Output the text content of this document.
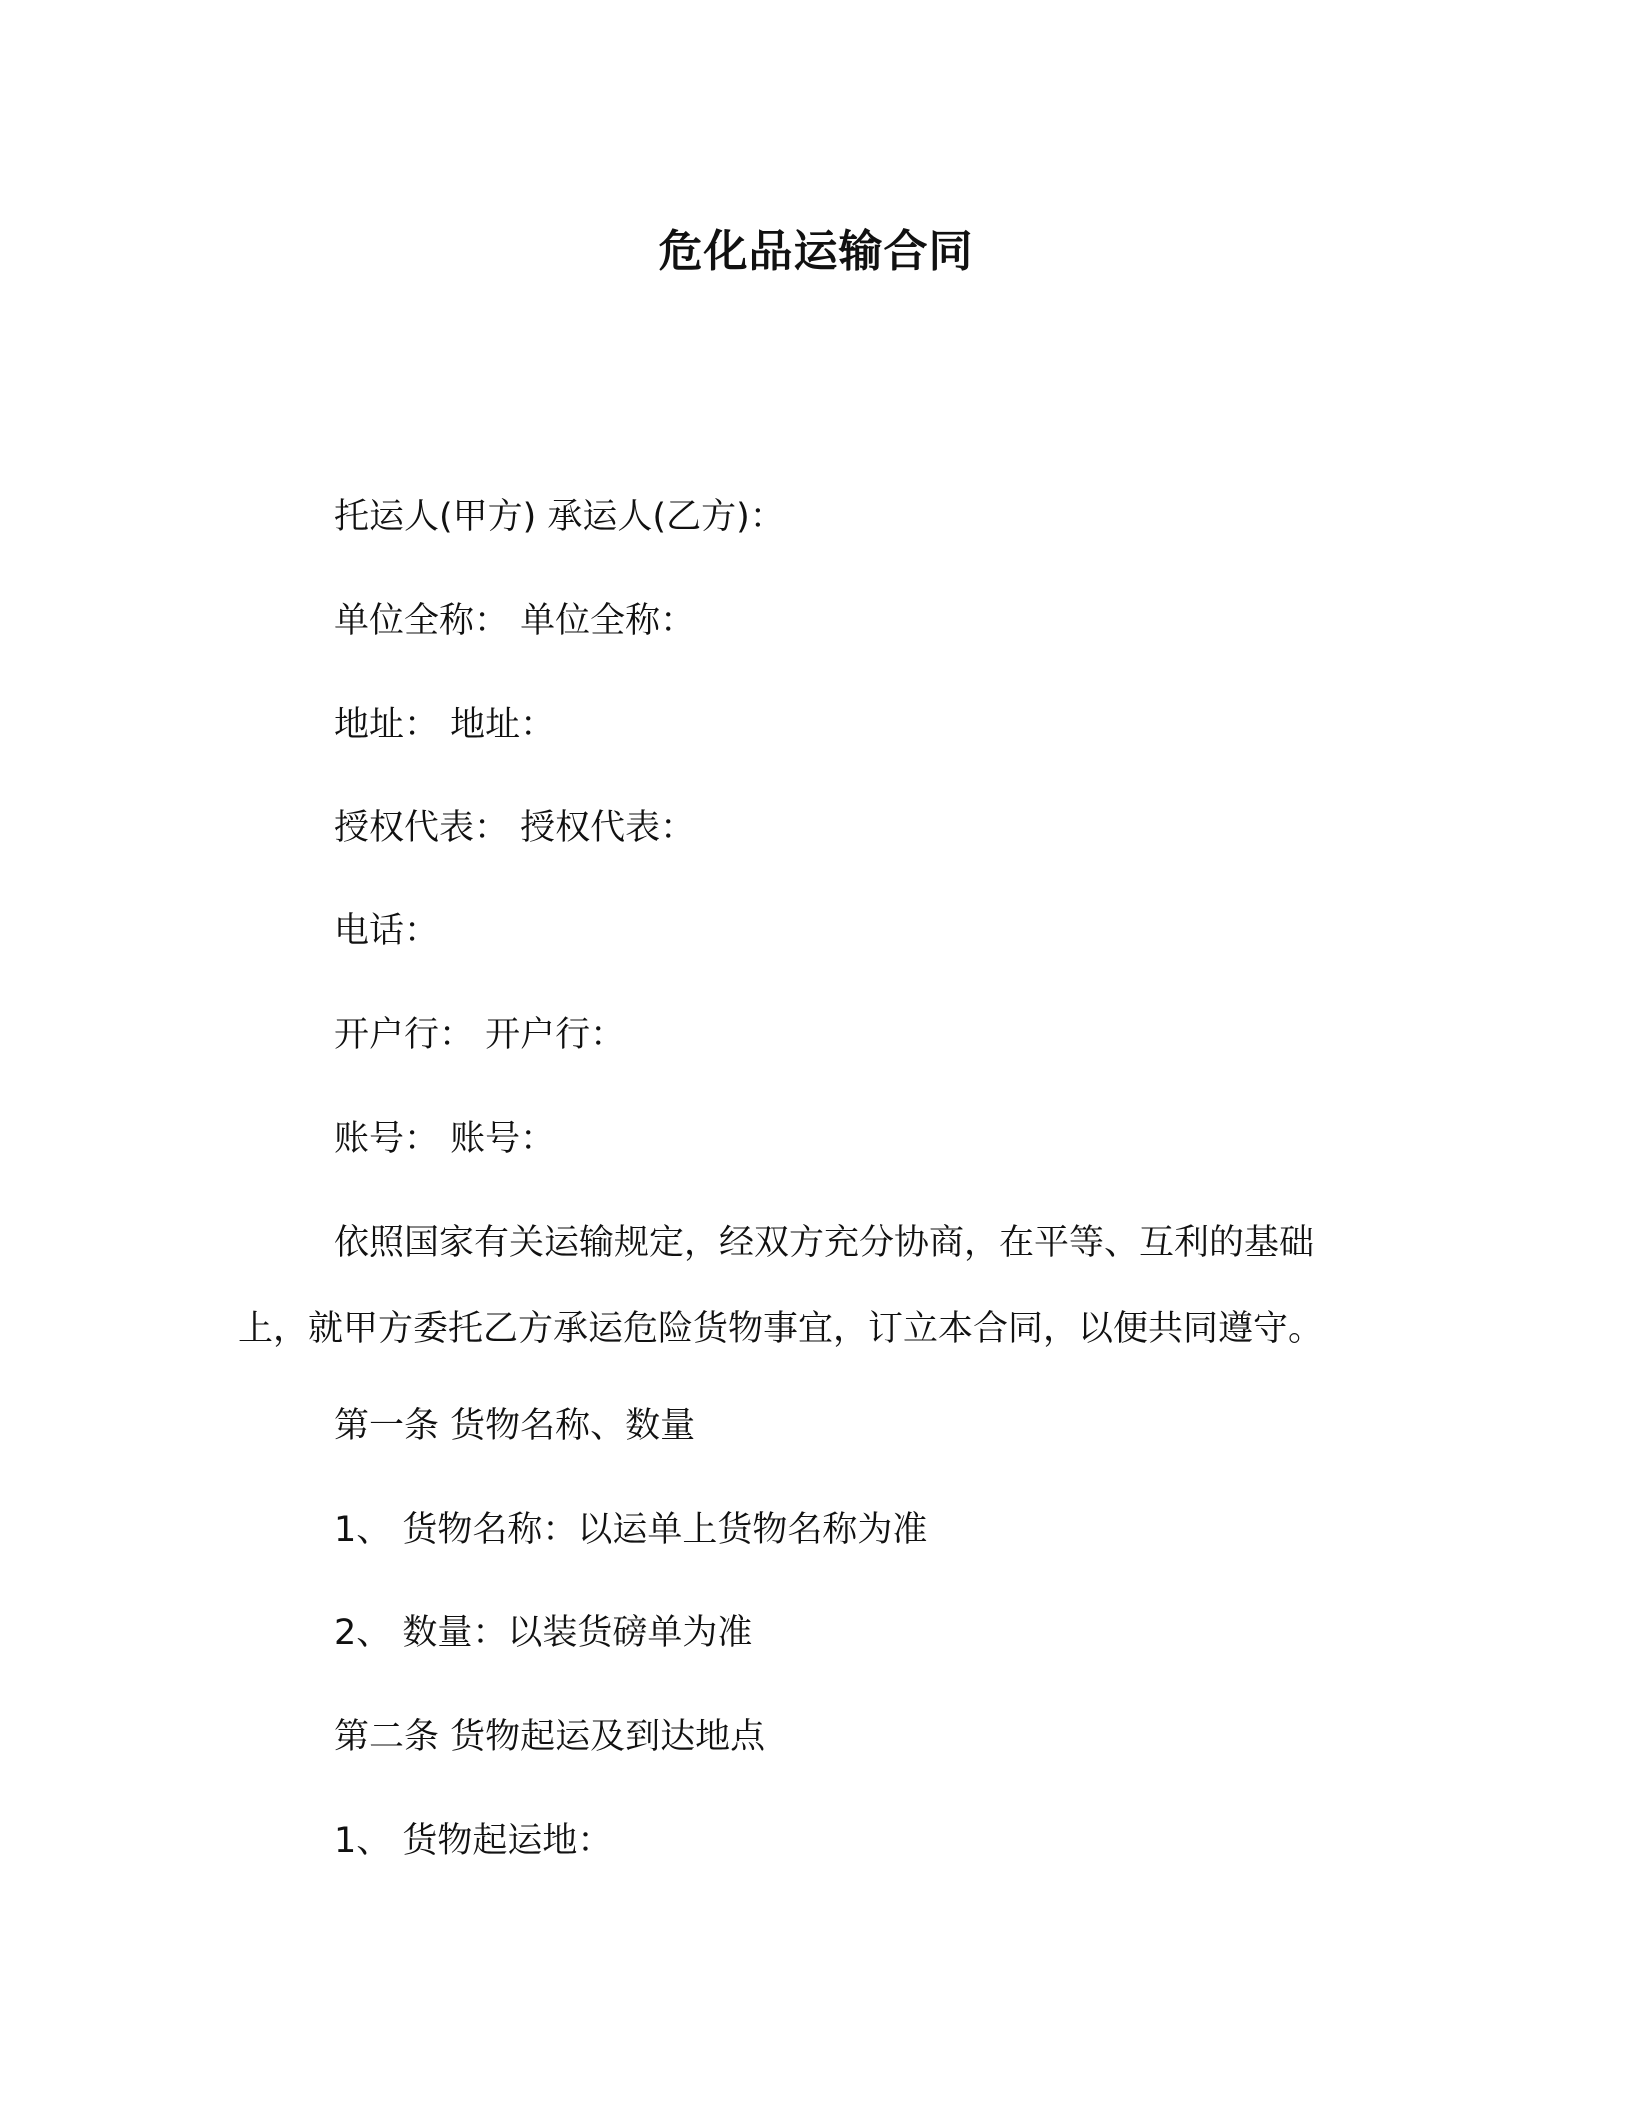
危化品运输合同
托运人(甲方) 承运人(乙方)：
单位全称： 单位全称：
地址： 地址：
授权代表： 授权代表：
电话：
开户行： 开户行：
账号： 账号：
依照国家有关运输规定，经双方充分协商，在平等、互利的基础
上，就甲方委托乙方承运危险货物事宜，订立本合同，以便共同遵守。
第一条 货物名称、数量
1、 货物名称：以运单上货物名称为准
2、 数量：以装货磅单为准
第二条 货物起运及到达地点
1、 货物起运地：
